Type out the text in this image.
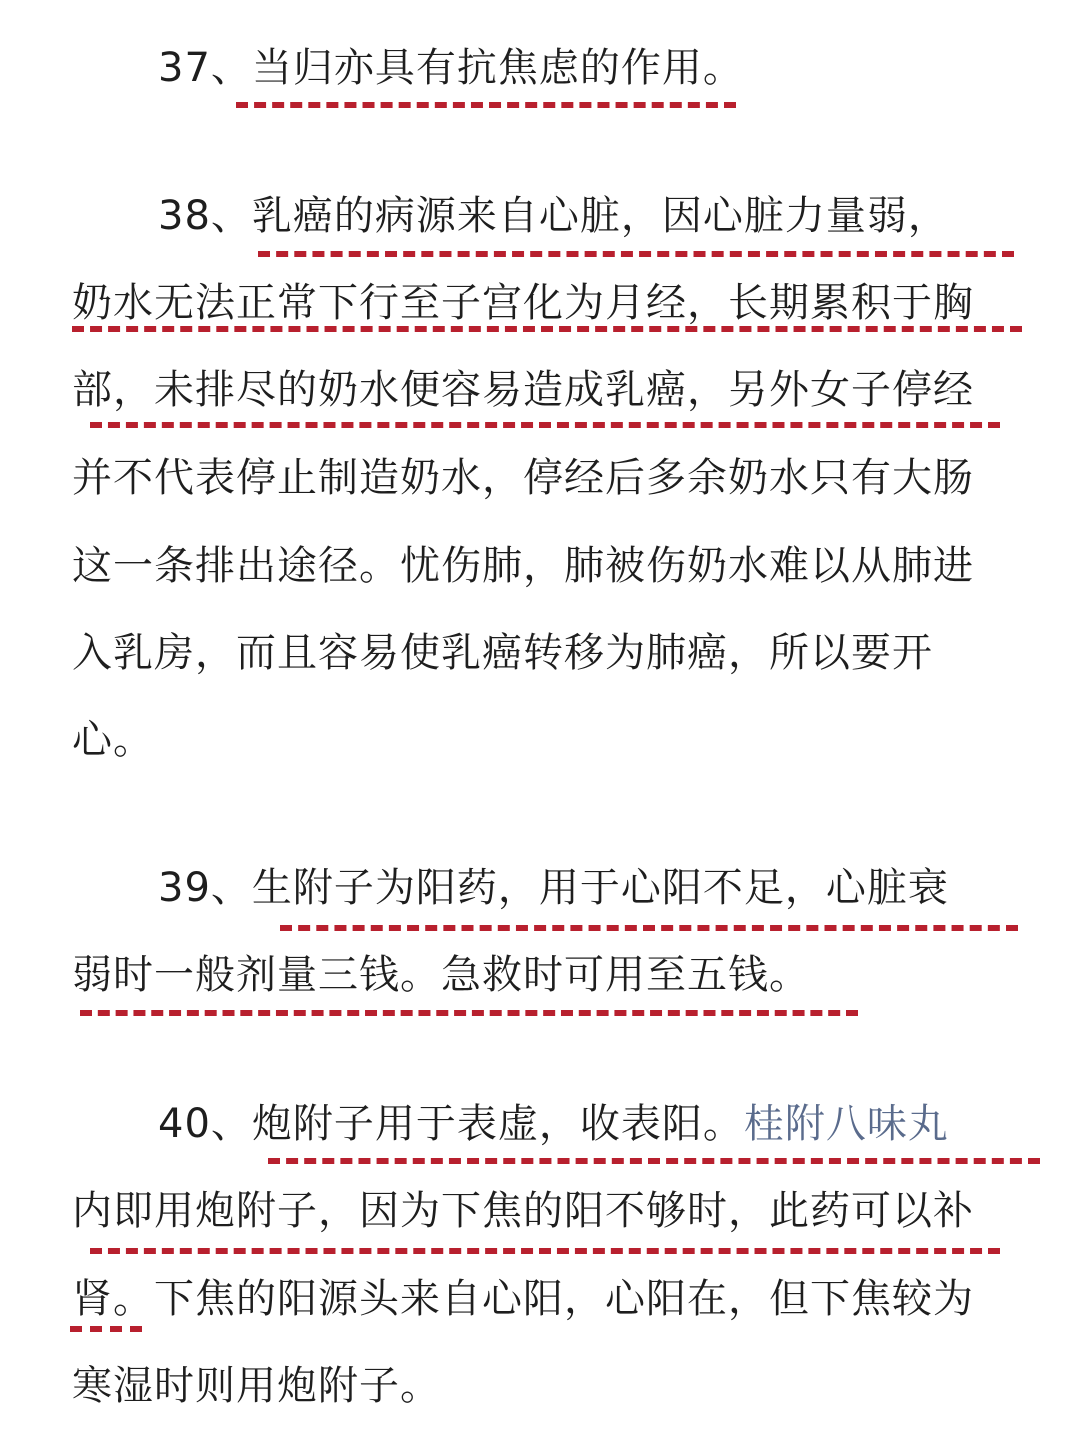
37、当归亦具有抗焦虑的作用。
38、乳癌的病源来自心脏，因心脏力量弱，
奶水无法正常下行至子宫化为月经，长期累积于胸
部，未排尽的奶水便容易造成乳癌，另外女子停经
并不代表停止制造奶水，停经后多余奶水只有大肠
这一条排出途径。忧伤肺，肺被伤奶水难以从肺进
入乳房，而且容易使乳癌转移为肺癌，所以要开
心。
39、生附子为阳药，用于心阳不足，心脏衰
弱时一般剂量三钱。急救时可用至五钱。
40、炮附子用于表虚，收表阳。桂附八味丸
内即用炮附子，因为下焦的阳不够时，此药可以补
肾。下焦的阳源头来自心阳，心阳在，但下焦较为
寒湿时则用炮附子。
